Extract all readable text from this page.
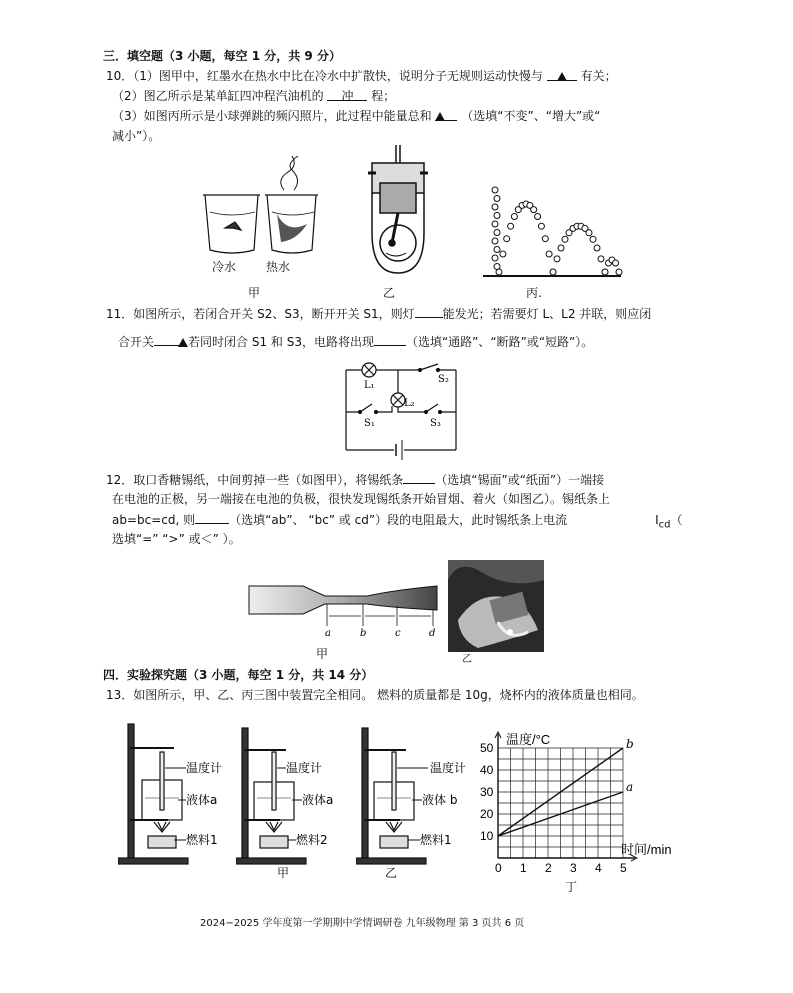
三．填空题（3 小题，每空 1 分，共 9 分）
10．（1）图甲中，红墨水在热水中比在冷水中扩散快，说明分子无规则运动快慢与	有关；
（2）图乙所示是某单缸四冲程汽油机的 冲 程；
（3）如图丙所示是小球弹跳的频闪照片，此过程中能量总和 （选填“不变”、“增大”或“
减小”）。
冷水 热水
甲	乙	丙.
11．如图所示，若闭合开关 S2、S3，断开开关 S1，则灯 能发光；若需要灯 L、L2 并联，则应闭
合开关	若同时闭合 S1 和 S3，电路将出现	（选填“通路”、“断路”或“短路”）。
L₁
L₂
S₂
S₁	S₃
12．取口香糖锡纸，中间剪掉一些（如图甲），将锡纸条	（选填“锡面”或“纸面”）一端接
在电池的正极，另一端接在电池的负极，很快发现锡纸条开始冒烟、着火（如图乙）。锡纸条上
ab=bc=cd, 则	（选填“ab”、 “bc” 或 cd”）段的电阻最大，此时锡纸条上电流	$I_{cd}$（
选填“=” “>” 或＜” ）。
a	b	c	d
甲	乙
四．实验探究题（3 小题，每空 1 分，共 14 分）
13．如图所示，甲、乙、丙三图中装置完全相同。 燃料的质量都是 10g，烧杯内的液体质量也相同。
温度计
液体a
燃料1
温度计
液体a
燃料2
甲
温度计
液体 b
燃料1
乙	0 1 2 3 4 5
10
20
30
40
50
温度/°C
时间/min
b
a
丁
2024−2025 学年度第一学期期中学情调研卷 九年级物理 第 3 页共 6 页
